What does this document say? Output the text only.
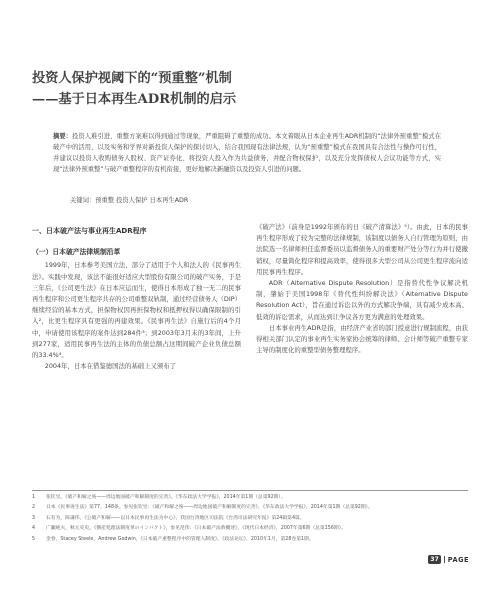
投资人保护视阈下的“预重整”机制
——基于日本再生ADR机制的启示
摘要：投资人难引进、重整方案难以得到通过等现象，严重阻碍了重整的成功。本文着眼从日本企业再生ADR机制的“法律外预重整”模式在破产中的活用，以及实务和学界对新投资人保护的探讨切入，结合我国现有法律法规，认为“预重整”模式在我国具有合法性与操作可行性，并建议以投资人收购债务人股权、资产证券化、将投资人投入作为共益债务，并配合物权保护，以及充分发挥债权人会议功能等方式，实现“法律外预重整”与破产重整程序的有机衔接，更好地解决新融资以及投资人引进的问题。
关键词：预重整 投资人保护 日本再生ADR
一、日本破产法与事业再生ADR程序
（一）日本破产法律规制沿革

1999年，日本参考美国立法，部分了适用于个人和法人的《民事再生法》。实践中发现，该法不能很好适应大型股份有限公司的破产实务，于是三年后，《公司更生法》在日本应运而生，使得日本形成了独一无二的民事再生程序和公司更生程序共存的公司重整双轨制，通过经营债务人（DIP）继续经营的基本方式，担保物权因再担保物权和抵押权得以确保限制的引入²，比更生程序具有更强的再建效果。《民事再生法》自施行后的4个月中，申请使用该程序的案件达到284件³；到2003年3月末的3年间，上升到277家，适用民事再生法的主体的负债总额占这期间破产企业负债总额的33.4%⁴。

2004年，日本在借鉴德国法的基础上又颁布了

《破产法》（前身是1992年颁布的日《破产清算法》⁵）。由此，日本的民事再生程序形成了较为完整的法律规制，该制度以债务人自行管理为原则，由法院选一名律师担任监督委员以监督债务人的重要财产处分等行为并行使撤销权，尽量简化程序和提高效率，使得很多大型公司从公司更生程序流向适用民事再生程序。

ADR（Alternative Dispute Resolution）是指替代性争议解决机制，肇始于美国1998年《替代性纠纷解决法》（Alternative Dispute Resolution Act），旨在通过诉讼以外的方式解决争端，具有减少成本高、低效的诉讼需求，从而达到让争议各方更为满意的处理效果。

日本事业再生ADR是指，由经济产业省的部门授意进行规制流程，由获得相关部门认定的事业再生实务家协会统筹的律师、会计师等破产重整专家主导的制度化的重整型债务整理程序。

1	张钦昱。《破产和解之殇——周边地国破产和解制度的完善》。《华东政法大学学报》，2014年第1期（总第92期）。
2	日本《民事再生法》第77、148条。参见张钦昱：《破产和解之殇——周边地国破产和解制度的完善》，《华东政法大学学报》，2014年第1期（总第92期）。
3	石有为，陈谦伟。《公破产和解——以日本民事再生法为中心》，我国台湾地区司法院《台湾司法研究年报》第24辑第4篇。
4	广瀬純夫，秋元史史。《倒産処理法制度革のインパクト》，参见范伟：《日本破产法典概述》，《现代日本经济》，2007年第6期（总第156期）。
5	金春，Stacey Steele，Andrew Godwin，《日本破产重整程序中的管理人制度》，《政法论坛》，2010年1月，第28卷第1期。
37	PAGE
